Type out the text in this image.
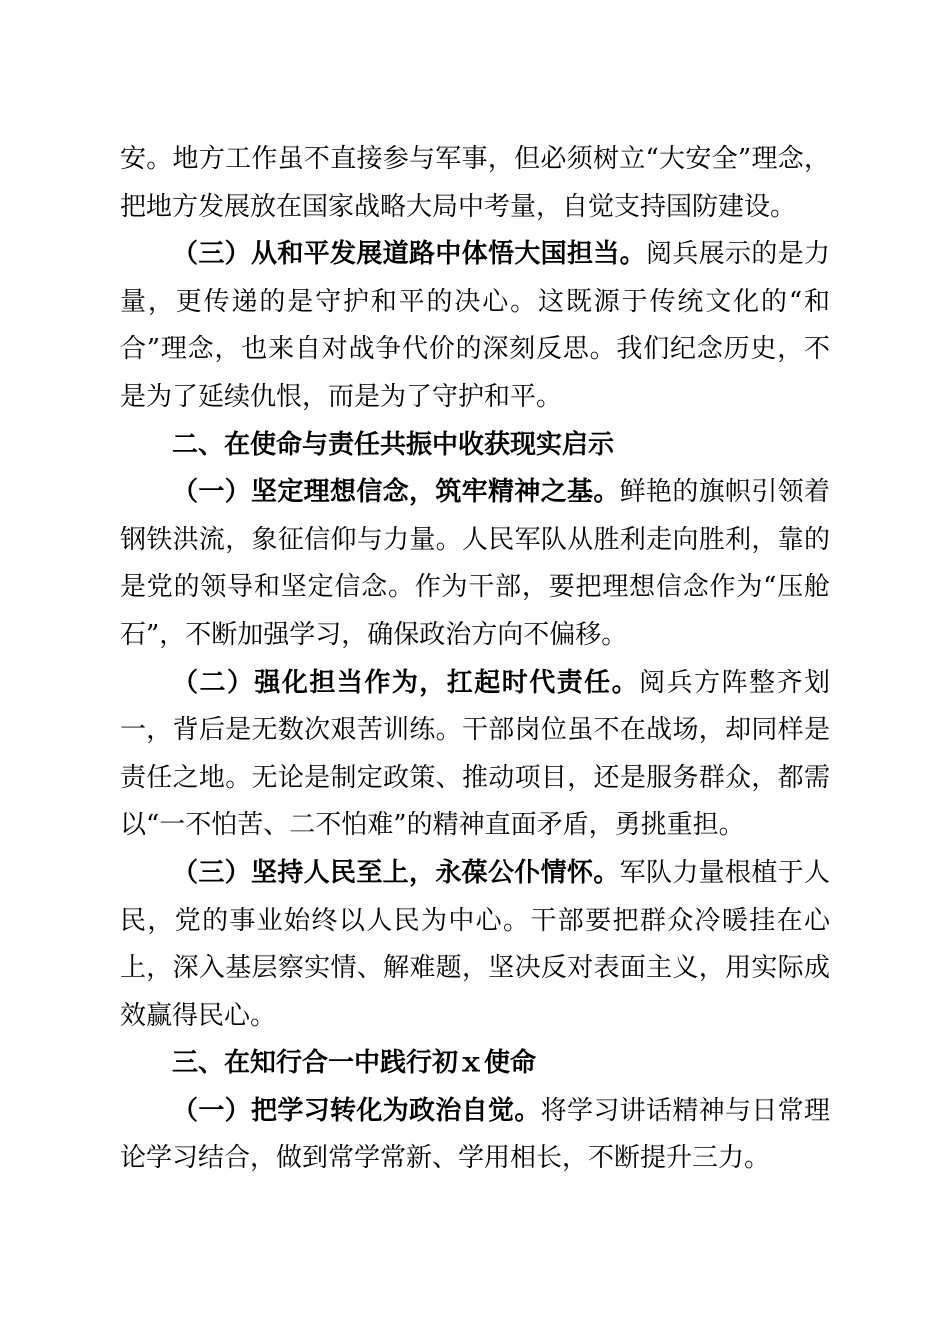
安。地方工作虽不直接参与军事，但必须树立“大安全”理念，把地方发展放在国家战略大局中考量，自觉支持国防建设。

（三）从和平发展道路中体悟大国担当。阅兵展示的是力量，更传递的是守护和平的决心。这既源于传统文化的“和合”理念，也来自对战争代价的深刻反思。我们纪念历史，不是为了延续仇恨，而是为了守护和平。

二、在使命与责任共振中收获现实启示

（一）坚定理想信念，筑牢精神之基。鲜艳的旗帜引领着钢铁洪流，象征信仰与力量。人民军队从胜利走向胜利，靠的是党的领导和坚定信念。作为干部，要把理想信念作为“压舱石”，不断加强学习，确保政治方向不偏移。

（二）强化担当作为，扛起时代责任。阅兵方阵整齐划一，背后是无数次艰苦训练。干部岗位虽不在战场，却同样是责任之地。无论是制定政策、推动项目，还是服务群众，都需以“一不怕苦、二不怕难”的精神直面矛盾，勇挑重担。

（三）坚持人民至上，永葆公仆情怀。军队力量根植于人民，党的事业始终以人民为中心。干部要把群众冷暖挂在心上，深入基层察实情、解难题，坚决反对表面主义，用实际成效赢得民心。

三、在知行合一中践行初ｘ使命

（一）把学习转化为政治自觉。将学习讲话精神与日常理论学习结合，做到常学常新、学用相长，不断提升三力。
